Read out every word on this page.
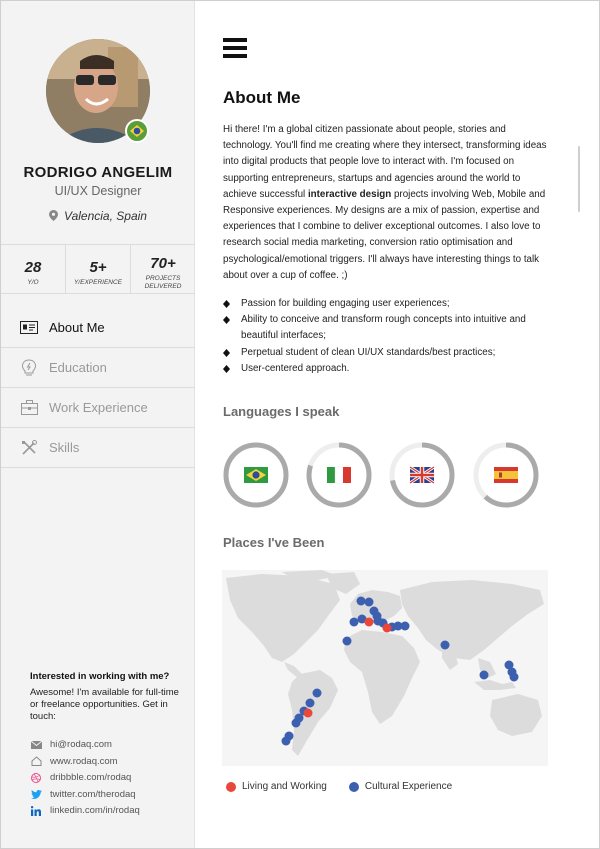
RODRIGO ANGELIM
UI/UX Designer
Valencia, Spain
28
Y/O
5+
Y/EXPERIENCE
70+
PROJECTS DELIVERED
About Me
Education
Work Experience
Skills
Interested in working with me?
Awesome! I'm available for full-time or freelance opportunities. Get in touch:
hi@rodaq.com
www.rodaq.com
dribbble.com/rodaq
twitter.com/therodaq
linkedin.com/in/rodaq
About Me
Hi there! I'm a global citizen passionate about people, stories and technology. You'll find me creating where they intersect, transforming ideas into digital products that people love to interact with. I'm focused on supporting entrepreneurs, startups and agencies around the world to achieve successful interactive design projects involving Web, Mobile and Responsive experiences. My designs are a mix of passion, expertise and experiences that I combine to deliver exceptional outcomes. I also love to research social media marketing, conversion ratio optimisation and psychological/emotional triggers. I'll always have interesting things to talk about over a cup of coffee. ;)
Passion for building engaging user experiences;
Ability to conceive and transform rough concepts into intuitive and beautiful interfaces;
Perpetual student of clean UI/UX standards/best practices;
User-centered approach.
Languages I speak
Places I've Been
Living and Working	Cultural Experience
